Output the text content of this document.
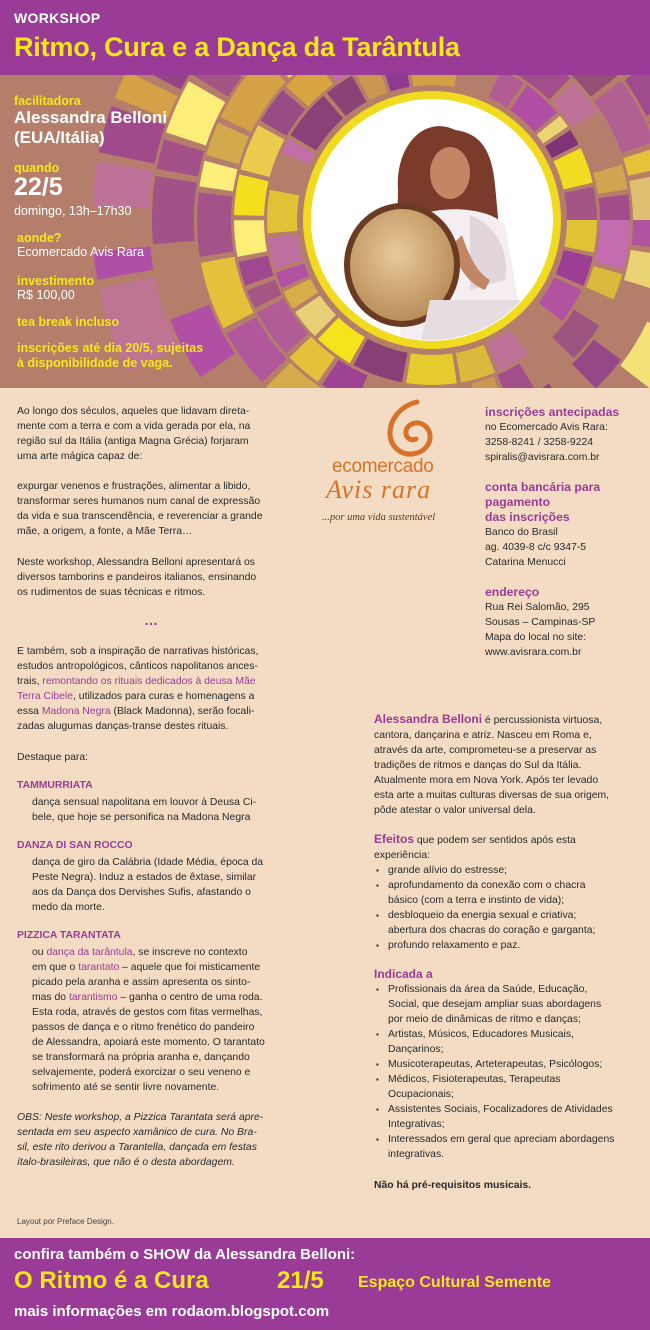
WORKSHOP
Ritmo, Cura e a Dança da Tarântula
facilitadora
Alessandra Belloni
(EUA/Itália)
quando
22/5
domingo, 13h–17h30
aonde?
Ecomercado Avis Rara
investimento
R$ 100,00
tea break incluso
inscrições até dia 20/5, sujeitas
à disponibilidade de vaga.
Ao longo dos séculos, aqueles que lidavam direta-
mente com a terra e com a vida gerada por ela, na
região sul da Itália (antiga Magna Grécia) forjaram
uma arte mágica capaz de:
expurgar venenos e frustrações, alimentar a libido,
transformar seres humanos num canal de expressão
da vida e sua transcendência, e reverenciar a grande
mãe, a origem, a fonte, a Mãe Terra…
Neste workshop, Alessandra Belloni apresentará os
diversos tamborins e pandeiros italianos, ensinando
os rudimentos de suas técnicas e ritmos.
…
E também, sob a inspiração de narrativas históricas,
estudos antropológicos, cânticos napolitanos ances-
trais, remontando os rituais dedicados à deusa Mãe
Terra Cibele, utilizados para curas e homenagens a
essa Madona Negra (Black Madonna), serão focali-
zadas alugumas danças-transe destes rituais.
Destaque para:
TAMMURRIATA
dança sensual napolitana em louvor à Deusa Ci-
bele, que hoje se personifica na Madona Negra
DANZA DI SAN ROCCO
dança de giro da Calábria (Idade Média, época da
Peste Negra). Induz a estados de êxtase, similar
aos da Dança dos Dervishes Sufis, afastando o
medo da morte.
PIZZICA TARANTATA
ou dança da tarântula, se inscreve no contexto
em que o tarantato – aquele que foi misticamente
picado pela aranha e assim apresenta os sinto-
mas do tarantismo – ganha o centro de uma roda.
Esta roda, através de gestos com fitas vermelhas,
passos de dança e o ritmo frenético do pandeiro
de Alessandra, apoiará este momento. O tarantato
se transformará na própria aranha e, dançando
selvajemente, poderá exorcizar o seu veneno e
sofrimento até se sentir livre novamente.
OBS: Neste workshop, a Pizzica Tarantata será apre-
sentada em seu aspecto xamânico de cura. No Bra-
sil, este rito derivou a Tarantella, dançada em festas
ítalo-brasileiras, que não é o desta abordagem.
Layout por Preface Design.
ecomercado
Avis rara
...por uma vida sustentável
inscrições antecipadas
no Ecomercado Avis Rara:
3258-8241 / 3258-9224
spiralis@avisrara.com.br
conta bancária para
pagamento
das inscrições
Banco do Brasil
ag. 4039-8 c/c 9347-5
Catarina Menucci
endereço
Rua Rei Salomão, 295
Sousas – Campinas-SP
Mapa do local no site:
www.avisrara.com.br
Alessandra Belloni é percussionista virtuosa,
cantora, dançarina e atriz. Nasceu em Roma e,
através da arte, comprometeu-se a preservar as
tradições de ritmos e danças do Sul da Itália.
Atualmente mora em Nova York. Após ter levado
esta arte a muitas culturas diversas de sua origem,
pôde atestar o valor universal dela.
Efeitos que podem ser sentidos após esta
experiência:
▪ grande alívio do estresse;
▪ aprofundamento da conexão com o chacra
básico (com a terra e instinto de vida);
▪ desbloqueio da energia sexual e criativa;
abertura dos chacras do coração e garganta;
▪ profundo relaxamento e paz.
Indicada a
▪ Profissionais da área da Saúde, Educação,
Social, que desejam ampliar suas abordagens
por meio de dinâmicas de ritmo e danças;
▪ Artistas, Músicos, Educadores Musicais,
Dançarinos;
▪ Musicoterapeutas, Arteterapeutas, Psicólogos;
▪ Médicos, Fisioterapeutas, Terapeutas
Ocupacionais;
▪ Assistentes Sociais, Focalizadores de Atividades
Integrativas;
▪ Interessados em geral que apreciam abordagens
integrativas.
Não há pré-requisitos musicais.
confira também o SHOW da Alessandra Belloni:
O Ritmo é a Cura	21/5 Espaço Cultural Semente
mais informações em rodaom.blogspot.com
